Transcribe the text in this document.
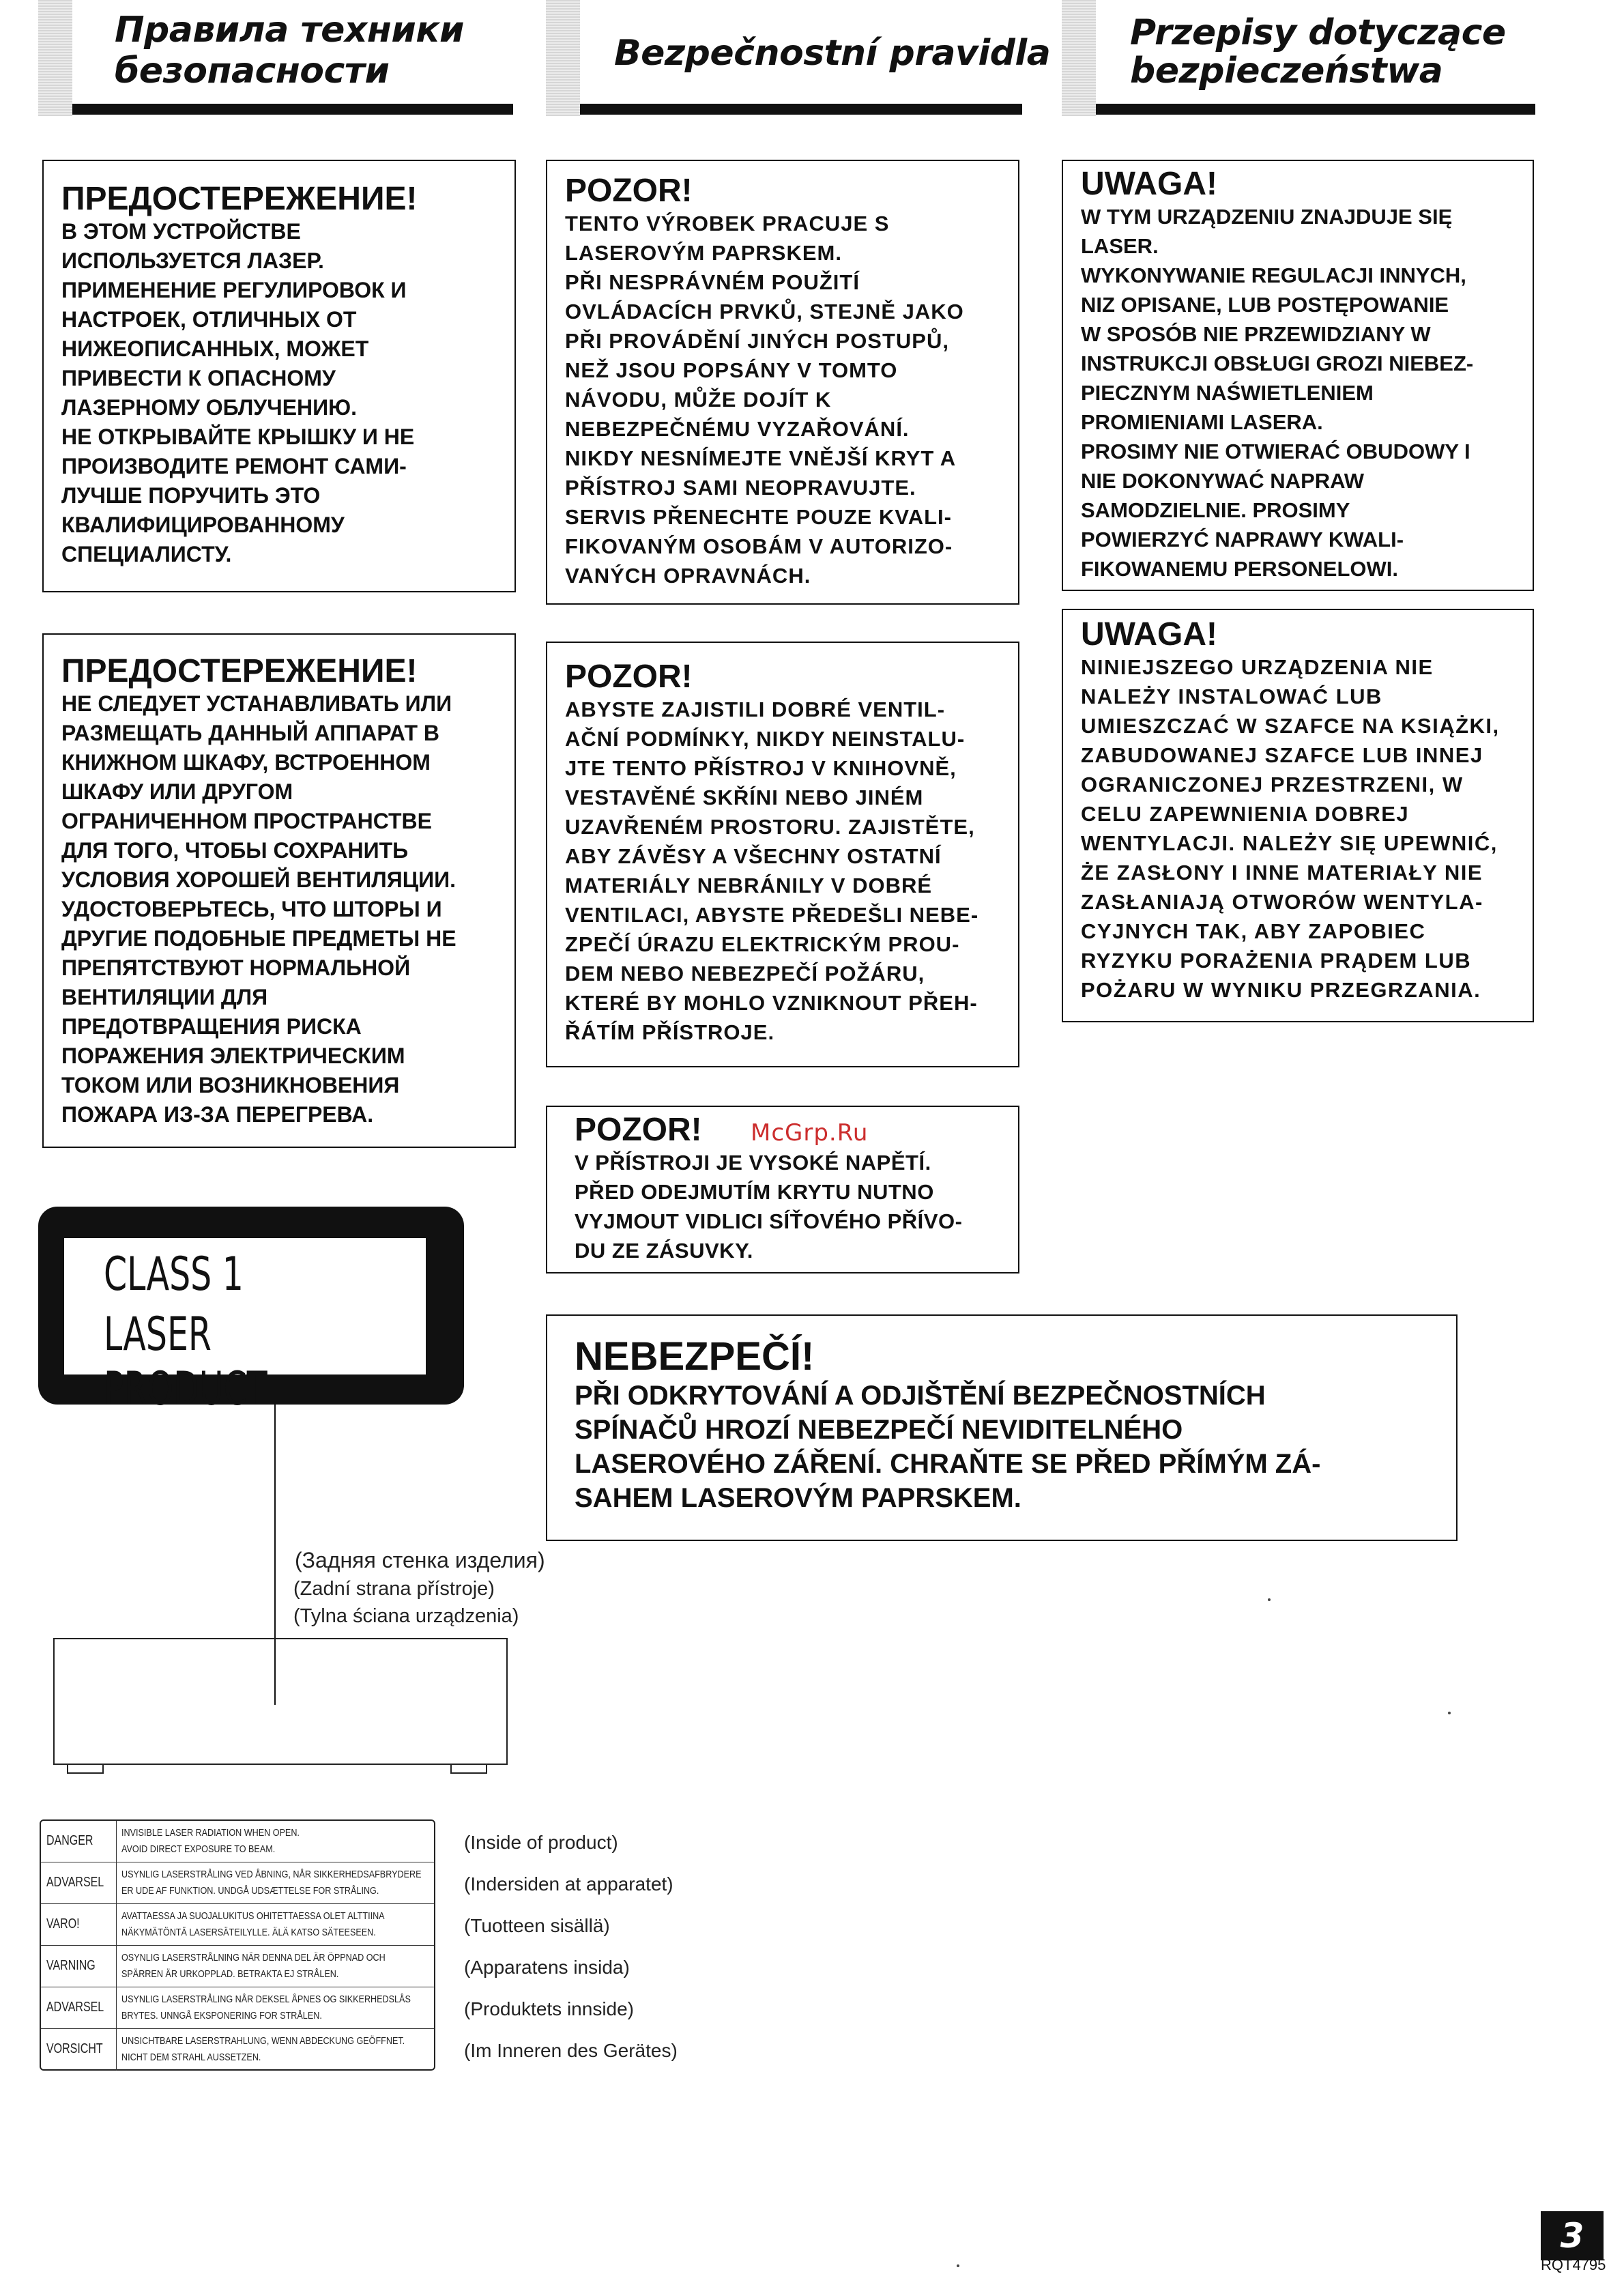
Правила техники
безопасности	Bezpečnostní pravidla Przepisy dotyczące
bezpieczeństwa
ПРЕДОСТЕРЕЖЕНИЕ!

В ЭТОМ УСТРОЙСТВЕ
ИСПОЛЬЗУЕТСЯ ЛАЗЕР.
ПРИМЕНЕНИЕ РЕГУЛИРОВОК И
НАСТРОЕК, ОТЛИЧНЫХ ОТ
НИЖЕОПИСАННЫХ, МОЖЕТ
ПРИВЕСТИ К ОПАСНОМУ
ЛАЗЕРНОМУ ОБЛУЧЕНИЮ.
НЕ ОТКРЫВАЙТЕ КРЫШКУ И НЕ
ПРОИЗВОДИТЕ РЕМОНТ САМИ-
ЛУЧШЕ ПОРУЧИТЬ ЭТО
КВАЛИФИЦИРОВАННОМУ
СПЕЦИАЛИСТУ.

ПРЕДОСТЕРЕЖЕНИЕ!

НЕ СЛЕДУЕТ УСТАНАВЛИВАТЬ ИЛИ
РАЗМЕЩАТЬ ДАННЫЙ АППАРАТ В
КНИЖНОМ ШКАФУ, ВСТРОЕННОМ
ШКАФУ ИЛИ ДРУГОМ
ОГРАНИЧЕННОМ ПРОСТРАНСТВЕ
ДЛЯ ТОГО, ЧТОБЫ СОХРАНИТЬ
УСЛОВИЯ ХОРОШЕЙ ВЕНТИЛЯЦИИ.
УДОСТОВЕРЬТЕСЬ, ЧТО ШТОРЫ И
ДРУГИЕ ПОДОБНЫЕ ПРЕДМЕТЫ НЕ
ПРЕПЯТСТВУЮТ НОРМАЛЬНОЙ
ВЕНТИЛЯЦИИ ДЛЯ
ПРЕДОТВРАЩЕНИЯ РИСКА
ПОРАЖЕНИЯ ЭЛЕКТРИЧЕСКИМ
ТОКОМ ИЛИ ВОЗНИКНОВЕНИЯ
ПОЖАРА ИЗ-ЗА ПЕРЕГРЕВА.

POZOR!

TENTO VÝROBEK PRACUJE S
LASEROVÝM PAPRSKEM.
PŘI NESPRÁVNÉM POUŽITÍ
OVLÁDACÍCH PRVKŮ, STEJNĚ JAKO
PŘI PROVÁDĚNÍ JINÝCH POSTUPŮ,
NEŽ JSOU POPSÁNY V TOMTO
NÁVODU, MŮŽE DOJÍT K
NEBEZPEČNÉMU VYZAŘOVÁNÍ.
NIKDY NESNÍMEJTE VNĚJŠÍ KRYT A
PŘÍSTROJ SAMI NEOPRAVUJTE.
SERVIS PŘENECHTE POUZE KVALI-
FIKOVANÝM OSOBÁM V AUTORIZO-
VANÝCH OPRAVNÁCH.

POZOR!

ABYSTE ZAJISTILI DOBRÉ VENTIL-
AČNÍ PODMÍNKY, NIKDY NEINSTALU-
JTE TENTO PŘÍSTROJ V KNIHOVNĚ,
VESTAVĚNÉ SKŘÍNI NEBO JINÉM
UZAVŘENÉM PROSTORU. ZAJISTĚTE,
ABY ZÁVĚSY A VŠECHNY OSTATNÍ
MATERIÁLY NEBRÁNILY V DOBRÉ
VENTILACI, ABYSTE PŘEDEŠLI NEBE-
ZPEČÍ ÚRAZU ELEKTRICKÝM PROU-
DEM NEBO NEBEZPEČÍ POŽÁRU,
KTERÉ BY MOHLO VZNIKNOUT PŘEH-
ŘÁTÍM PŘÍSTROJE.

POZOR!

V PŘÍSTROJI JE VYSOKÉ NAPĚTÍ.
PŘED ODEJMUTÍM KRYTU NUTNO
VYJMOUT VIDLICI SÍŤOVÉHO PŘÍVO-
DU ZE ZÁSUVKY.

NEBEZPEČÍ!

PŘI ODKRYTOVÁNÍ A ODJIŠTĚNÍ BEZPEČNOSTNÍCH
SPÍNAČŮ HROZÍ NEBEZPEČÍ NEVIDITELNÉHO
LASEROVÉHO ZÁŘENÍ. CHRAŇTE SE PŘED PŘÍMÝM ZÁ-
SAHEM LASEROVÝM PAPRSKEM.

UWAGA!

W TYM URZĄDZENIU ZNAJDUJE SIĘ
LASER.
WYKONYWANIE REGULACJI INNYCH,
NIZ OPISANE, LUB POSTĘPOWANIE
W SPOSÓB NIE PRZEWIDZIANY W
INSTRUKCJI OBSŁUGI GROZI NIEBEZ-
PIECZNYM NAŚWIETLENIEM
PROMIENIAMI LASERA.
PROSIMY NIE OTWIERAĆ OBUDOWY I
NIE DOKONYWAĆ NAPRAW
SAMODZIELNIE. PROSIMY
POWIERZYĆ NAPRAWY KWALI-
FIKOWANEMU PERSONELOWI.

UWAGA!

NINIEJSZEGO URZĄDZENIA NIE
NALEŻY INSTALOWAĆ LUB
UMIESZCZAĆ W SZAFCE NA KSIĄŻKI,
ZABUDOWANEJ SZAFCE LUB INNEJ
OGRANICZONEJ PRZESTRZENI, W
CELU ZAPEWNIENIA DOBREJ
WENTYLACJI. NALEŻY SIĘ UPEWNIĆ,
ŻE ZASŁONY I INNE MATERIAŁY NIE
ZASŁANIAJĄ OTWORÓW WENTYLA-
CYJNYCH TAK, ABY ZAPOBIEC
RYZYKU PORAŻENIA PRĄDEM LUB
POŻARU W WYNIKU PRZEGRZANIA.

McGrp.Ru
CLASS 1
LASER PRODUCT
(Задняя стенка изделия)
(Zadní strana přístroje)
(Tylna ściana urządzenia)
DANGER
INVISIBLE LASER RADIATION WHEN OPEN.
AVOID DIRECT EXPOSURE TO BEAM.
ADVARSEL
USYNLIG LASERSTRÅLING VED ÅBNING, NÅR SIKKERHEDSAFBRYDERE
ER UDE AF FUNKTION. UNDGÅ UDSÆTTELSE FOR STRÅLING.
VARO!
AVATTAESSA JA SUOJALUKITUS OHITETTAESSA OLET ALTTIINA
NÄKYMÄTÖNTÄ LASERSÄTEILYLLE. ÄLÄ KATSO SÄTEESEEN.
VARNING
OSYNLIG LASERSTRÅLNING NÄR DENNA DEL ÄR ÖPPNAD OCH
SPÄRREN ÄR URKOPPLAD. BETRAKTA EJ STRÅLEN.
ADVARSEL
USYNLIG LASERSTRÅLING NÅR DEKSEL ÅPNES OG SIKKERHEDSLÅS
BRYTES. UNNGÅ EKSPONERING FOR STRÅLEN.
VORSICHT
UNSICHTBARE LASERSTRAHLUNG, WENN ABDECKUNG GEÖFFNET.
NICHT DEM STRAHL AUSSETZEN.
(Inside of product)
(Indersiden at apparatet)
(Tuotteen sisällä)
(Apparatens insida)
(Produktets innside)
(Im Inneren des Gerätes)
3
RQT4795
